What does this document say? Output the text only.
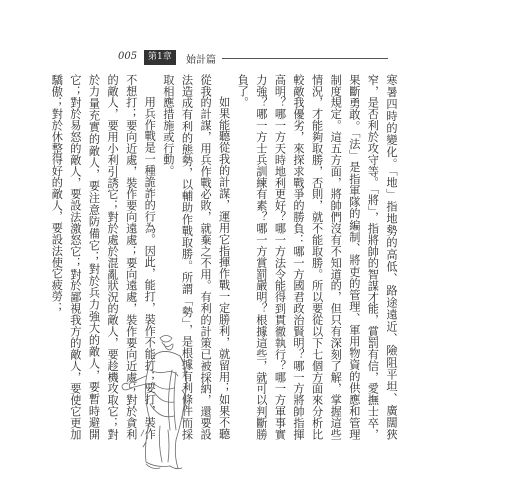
005	第1章	始計篇

寒暑四時的變化。「地」指地勢的高低、路途遠近、險阻平坦、廣闊狹窄，是否利於攻守等。「將」，指將帥的智謀才能，賞罰有信，愛撫士卒，果斷勇敢。「法」是指軍隊的編制、將吏的管理、軍用物資的供應和管理制度規定。這五方面，將帥們沒有不知道的，但只有深刻了解，掌握這些情況，才能夠取勝，否則，就不能取勝。所以要從以下七個方面來分析比較敵我優劣，來探求戰爭的勝負：哪一方國君政治賢明？哪一方將帥指揮高明？哪一方天時地利更好？哪一方法令能得到貫徹執行？哪一方軍事實力強？哪一方士兵訓練有素？哪一方賞罰嚴明？根據這些，就可以判斷勝負了。

如果能聽從我的計謀，運用它指揮作戰一定勝利，就留用；如果不聽從我的計謀，用兵作戰必敗，就棄之不用。有利的計策已被採納，還要設法造成有利的態勢，以輔助作戰取勝。所謂「勢」，是根據有利條件而採取相應措施或行動。

用兵作戰是一種詭詐的行為。因此，能打，裝作不能打；要打，裝作不想打；要向近處，裝作要向遠處；要向遠處，裝作要向近處；對於貪利的敵人，要用小利引誘它；對於處於混亂狀況的敵人，要趁機攻取它；對於力量充實的敵人，要注意防備它；對於兵力強大的敵人，要暫時避開它；對於易怒的敵人，要設法激怒它；對於鄙視我方的敵人，要使它更加驕傲；對於休整得好的敵人，要設法使它疲勞；
